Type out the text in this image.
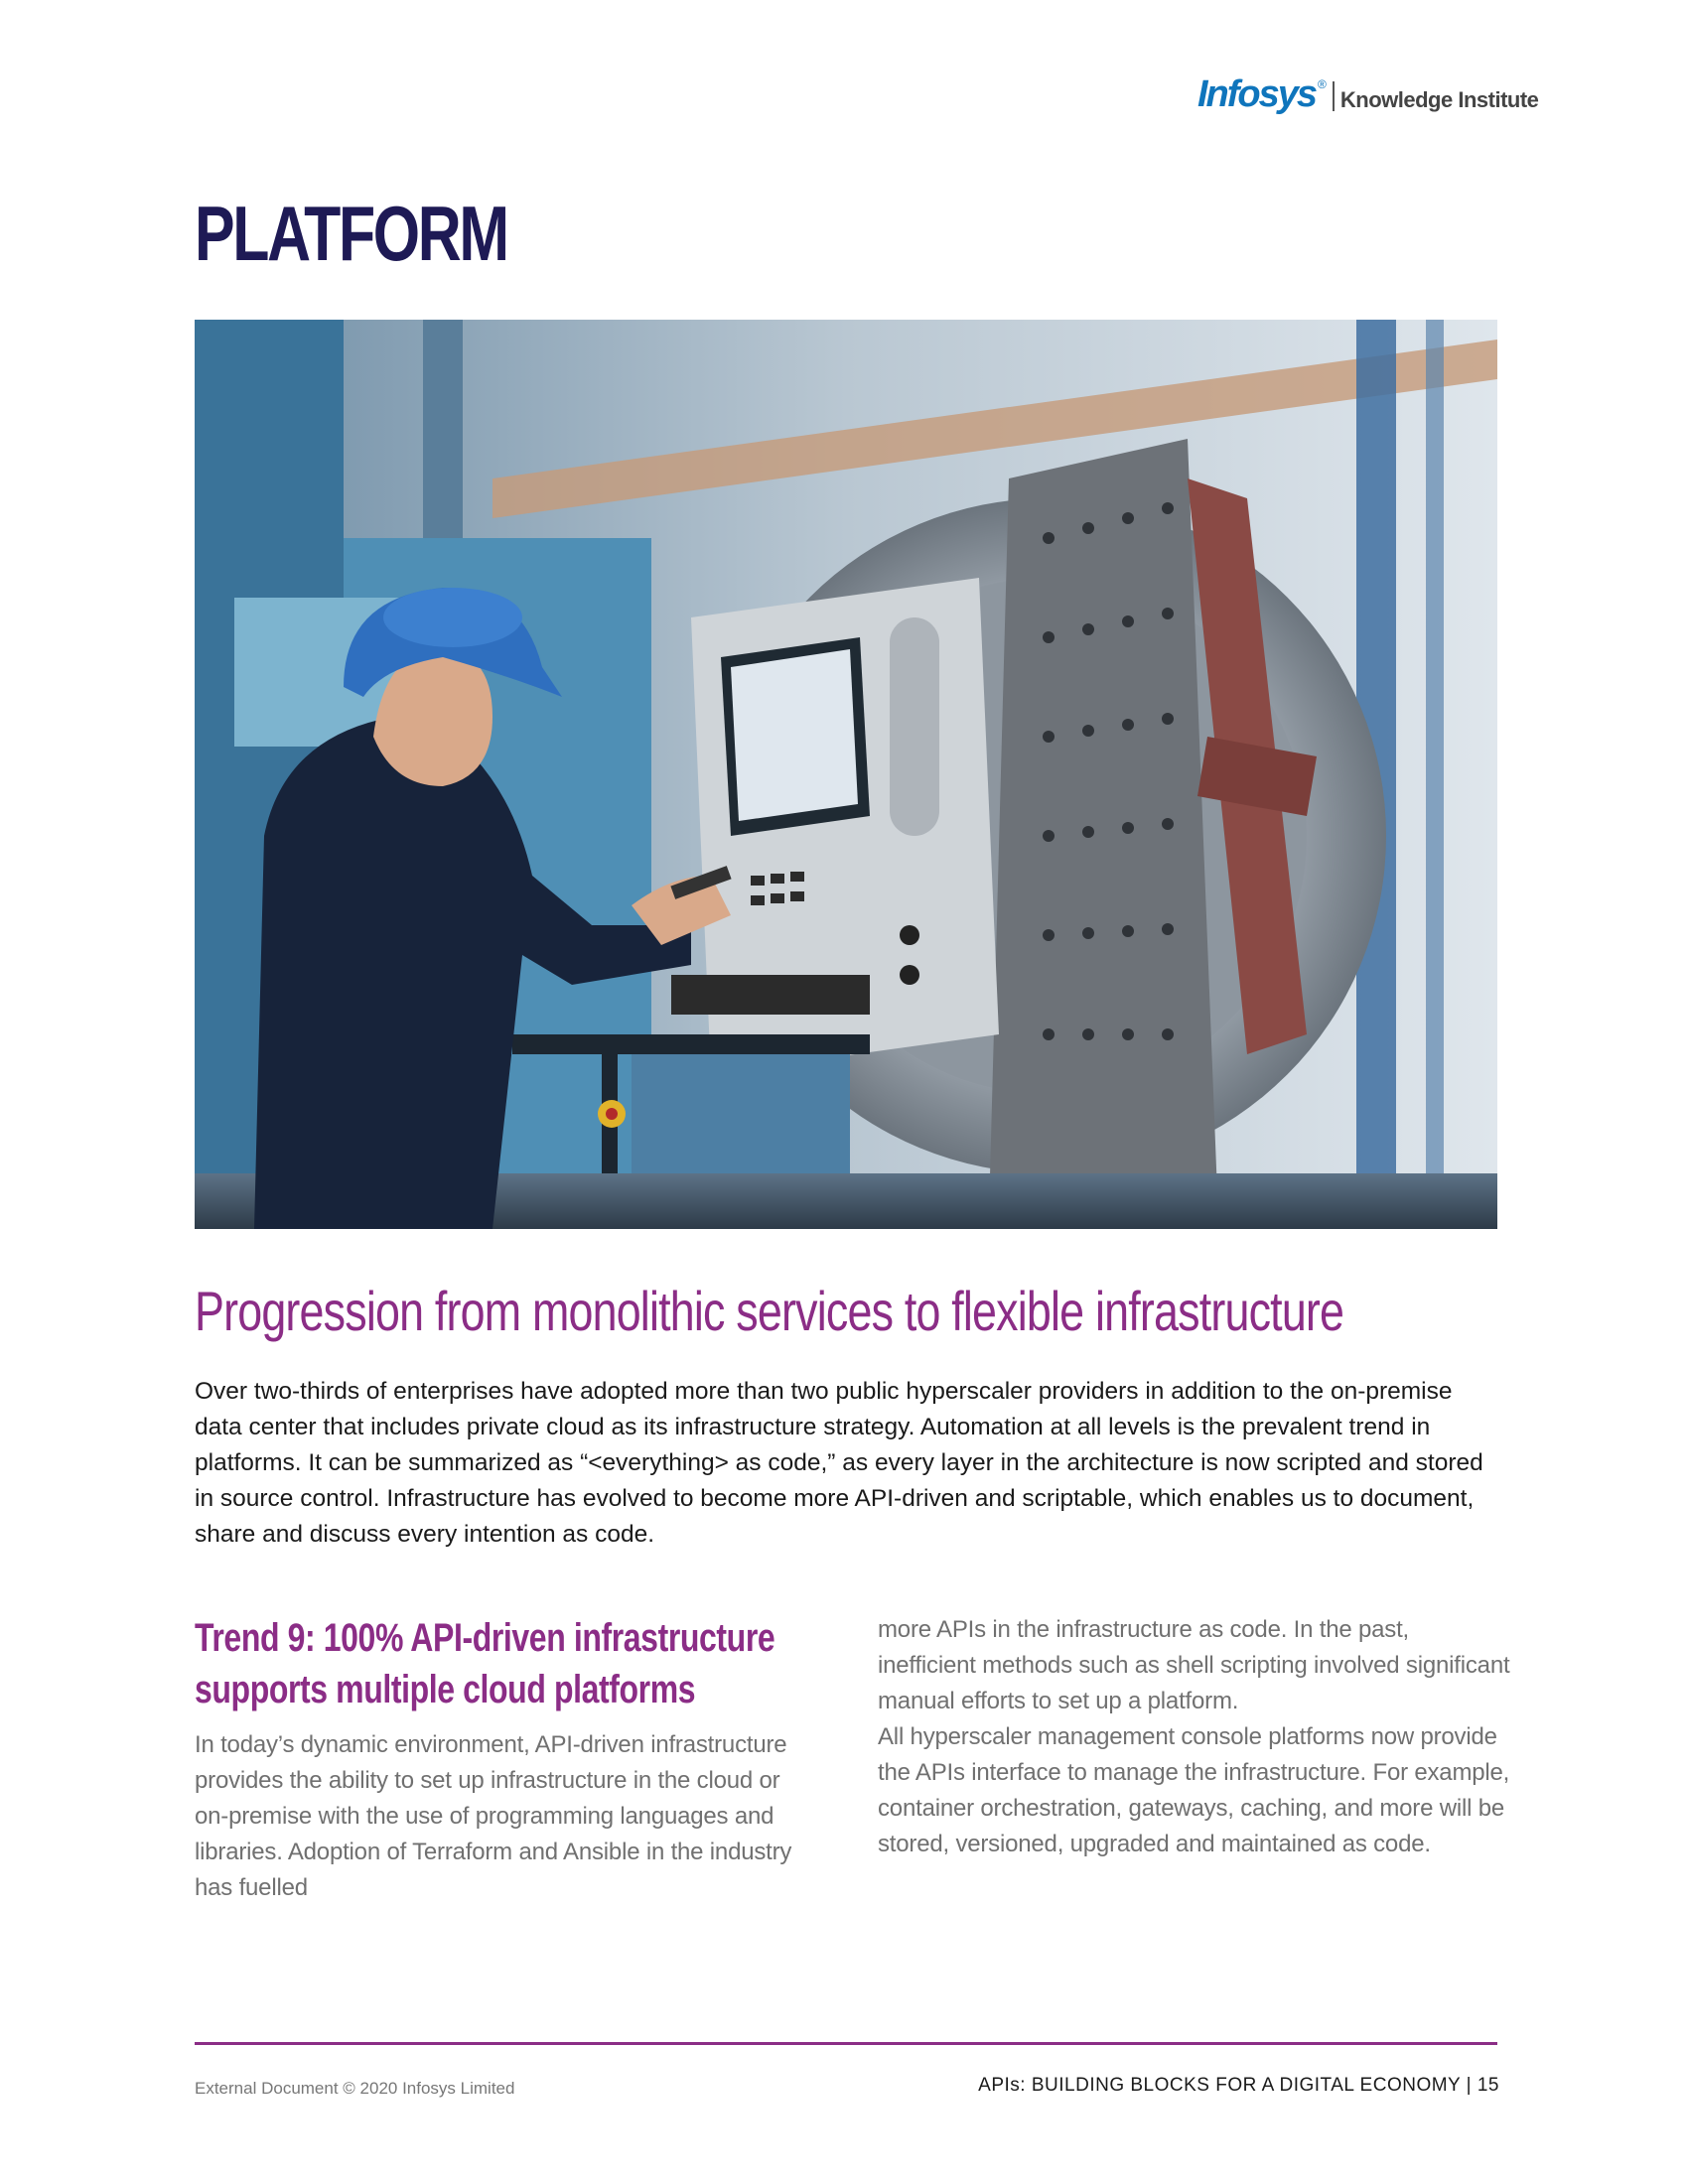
Infosys ®
Knowledge Institute
PLATFORM
Progression from monolithic services to flexible infrastructure
Over two-thirds of enterprises have adopted more than two public hyperscaler providers in addition to the on-premise data center that includes private cloud as its infrastructure strategy. Automation at all levels is the prevalent trend in platforms. It can be summarized as “<everything> as code,” as every layer in the architecture is now scripted and stored in source control. Infrastructure has evolved to become more API-driven and scriptable, which enables us to document, share and discuss every intention as code.
Trend 9: 100% API-driven infrastructure supports multiple cloud platforms
In today’s dynamic environment, API-driven infrastructure provides the ability to set up infrastructure in the cloud or on-premise with the use of programming languages and libraries. Adoption of Terraform and Ansible in the industry has fuelled
more APIs in the infrastructure as code. In the past, inefficient methods such as shell scripting involved significant manual efforts to set up a platform.
All hyperscaler management console platforms now provide the APIs interface to manage the infrastructure. For example, container orchestration, gateways, caching, and more will be stored, versioned, upgraded and maintained as code.
External Document © 2020 Infosys Limited	APIs: BUILDING BLOCKS FOR A DIGITAL ECONOMY | 15
